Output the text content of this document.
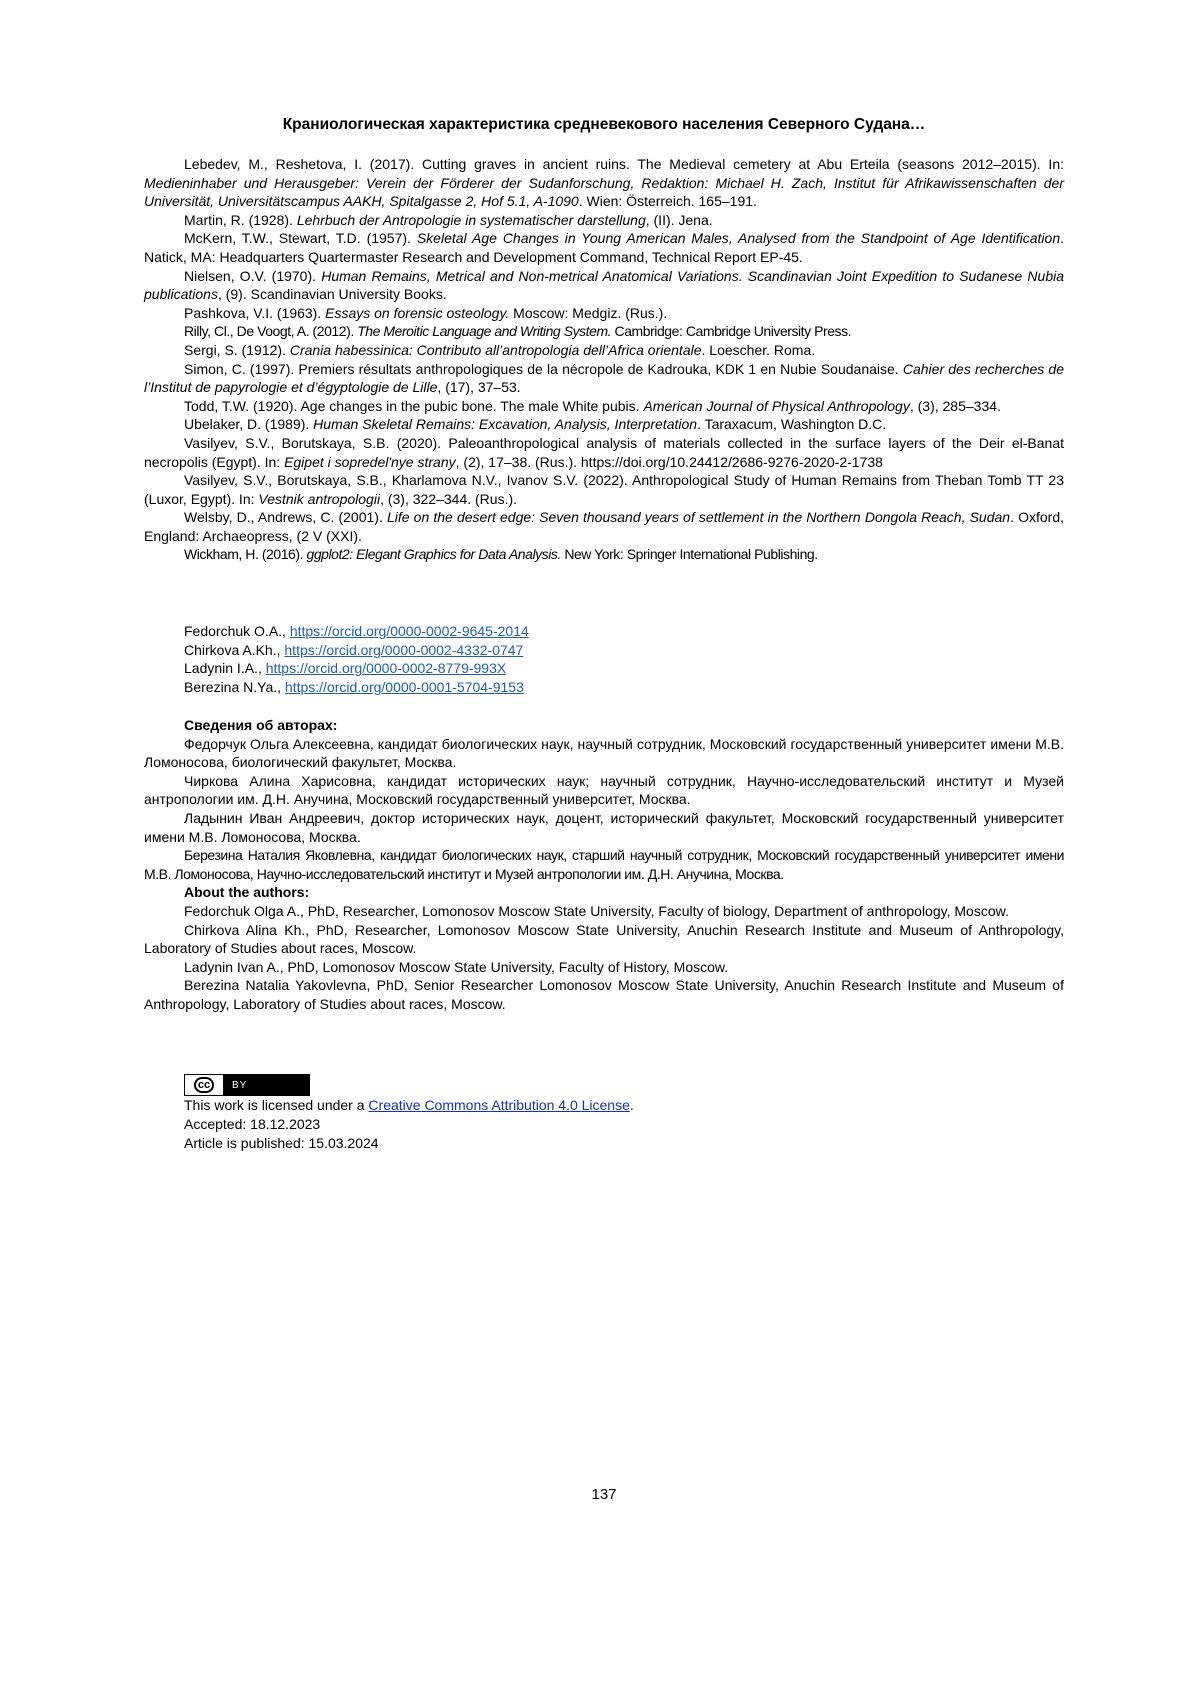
Краниологическая характеристика средневекового населения Северного Судана…

Lebedev, M., Reshetova, I. (2017). Cutting graves in ancient ruins. The Medieval cemetery at Abu Erteila (seasons 2012–2015). In: Medieninhaber und Herausgeber: Verein der Förderer der Sudanforschung, Redaktion: Michael H. Zach, Institut für Afrikawissenschaften der Universität, Universitätscampus AAKH, Spitalgasse 2, Hof 5.1, A-1090. Wien: Österreich. 165–191.

Martin, R. (1928). Lehrbuch der Antropologie in systematischer darstellung, (II). Jena.

McKern, T.W., Stewart, T.D. (1957). Skeletal Age Changes in Young American Males, Analysed from the Standpoint of Age Identification. Natick, MA: Headquarters Quartermaster Research and Development Command, Technical Report EP-45.

Nielsen, O.V. (1970). Human Remains, Metrical and Non-metrical Anatomical Variations. Scandinavian Joint Expedition to Sudanese Nubia publications, (9). Scandinavian University Books.

Pashkova, V.I. (1963). Essays on forensic osteology. Moscow: Medgiz. (Rus.).

Rilly, Cl., De Voogt, A. (2012). The Meroitic Language and Writing System. Cambridge: Cambridge University Press.

Sergi, S. (1912). Crania habessinica: Contributo all’antropologia dell’Africa orientale. Loescher. Roma.

Simon, C. (1997). Premiers résultats anthropologiques de la nécropole de Kadrouka, KDK 1 en Nubie Soudanaise. Cahier des recherches de l’Institut de papyrologie et d’égyptologie de Lille, (17), 37–53.

Todd, T.W. (1920). Age changes in the pubic bone. The male White pubis. American Journal of Physical Anthropology, (3), 285–334.

Ubelaker, D. (1989). Human Skeletal Remains: Excavation, Analysis, Interpretation. Taraxacum, Washington D.C.

Vasilyev, S.V., Borutskaya, S.B. (2020). Paleoanthropological analysis of materials collected in the surface layers of the Deir el-Banat necropolis (Egypt). In: Egipet i sopredel'nye strany, (2), 17–38. (Rus.). https://doi.org/10.24412/2686-9276-2020-2-1738

Vasilyev, S.V., Borutskaya, S.B., Kharlamova N.V., Ivanov S.V. (2022). Anthropological Study of Human Remains from Theban Tomb TT 23 (Luxor, Egypt). In: Vestnik antropologii, (3), 322–344. (Rus.).

Welsby, D., Andrews, C. (2001). Life on the desert edge: Seven thousand years of settlement in the Northern Dongola Reach, Sudan. Oxford, England: Archaeopress, (2 V (XXI).

Wickham, H. (2016). ggplot2: Elegant Graphics for Data Analysis. New York: Springer International Publishing.

Fedorchuk O.A., https://orcid.org/0000-0002-9645-2014
Chirkova A.Kh., https://orcid.org/0000-0002-4332-0747
Ladynin I.A., https://orcid.org/0000-0002-8779-993X
Berezina N.Ya., https://orcid.org/0000-0001-5704-9153

Сведения об авторах:

Федорчук Ольга Алексеевна, кандидат биологических наук, научный сотрудник, Московский государственный университет имени М.В. Ломоносова, биологический факультет, Москва.

Чиркова Алина Харисовна, кандидат исторических наук; научный сотрудник, Научно-исследовательский институт и Музей антропологии им. Д.Н. Анучина, Московский государственный университет, Москва.

Ладынин Иван Андреевич, доктор исторических наук, доцент, исторический факультет, Московский государственный университет имени М.В. Ломоносова, Москва.

Березина Наталия Яковлевна, кандидат биологических наук, старший научный сотрудник, Московский государственный университет имени М.В. Ломоносова, Научно-исследовательский институт и Музей антропологии им. Д.Н. Анучина, Москва.

About the authors:

Fedorchuk Olga A., PhD, Researcher, Lomonosov Moscow State University, Faculty of biology, Department of anthropology, Moscow.

Chirkova Alina Kh., PhD, Researcher, Lomonosov Moscow State University, Anuchin Research Institute and Museum of Anthropology, Laboratory of Studies about races, Moscow.

Ladynin Ivan A., PhD, Lomonosov Moscow State University, Faculty of History, Moscow.

Berezina Natalia Yakovlevna, PhD, Senior Researcher Lomonosov Moscow State University, Anuchin Research Institute and Museum of Anthropology, Laboratory of Studies about races, Moscow.

cc	BY
This work is licensed under a Creative Commons Attribution 4.0 License.
Accepted: 18.12.2023
Article is published: 15.03.2024
137
